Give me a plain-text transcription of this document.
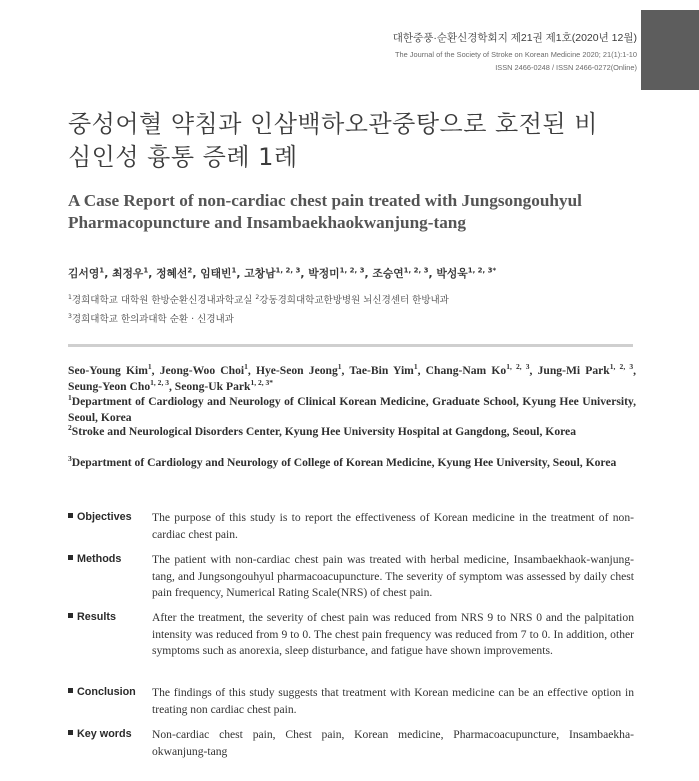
대한중풍·순환신경학회지 제21권 제1호(2020년 12월)
The Journal of the Society of Stroke on Korean Medicine 2020; 21(1):1-10
ISSN 2466-0248 / ISSN 2466-0272(Online)
중성어혈 약침과 인삼백하오관중탕으로 호전된 비
심인성 흉통 증례 1례
A Case Report of non-cardiac chest pain treated with Jungsongouhyul
Pharmacopuncture and Insambaekhaokwanjung-tang
김서영$^1$, 최정우$^1$, 정혜선$^2$, 임태빈$^1$, 고창남$^{1, 2, 3}$, 박정미$^{1, 2, 3}$, 조승연$^{1, 2, 3}$, 박성욱$^{1, 2, 3*}$
$^1$경희대학교 대학원 한방순환신경내과학교실 $^2$강동경희대학교한방병원 뇌신경센터 한방내과
$^3$경희대학교 한의과대학 순환 · 신경내과
Seo-Young Kim$^1$, Jeong-Woo Choi$^1$, Hye-Seon Jeong$^1$, Tae-Bin Yim$^1$, Chang-Nam Ko$^{1, 2, 3}$, Jung-Mi Park$^{1, 2, 3}$, Seung-Yeon Cho$^{1, 2, 3}$, Seong-Uk Park$^{1, 2, 3*}$
$^1$Department of Cardiology and Neurology of Clinical Korean Medicine, Graduate School, Kyung Hee University, Seoul, Korea
$^2$Stroke and Neurological Disorders Center, Kyung Hee University Hospital at Gangdong, Seoul, Korea
$^3$Department of Cardiology and Neurology of College of Korean Medicine, Kyung Hee University, Seoul, Korea
Objectives	The purpose of this study is to report the effectiveness of Korean medicine in the treatment of non-cardiac chest pain.
Methods	The patient with non-cardiac chest pain was treated with herbal medicine, Insambaekhaok-wanjung-tang, and Jungsongouhyul pharmacoacupuncture. The severity of symptom was assessed by daily chest pain frequency, Numerical Rating Scale(NRS) of chest pain.
Results	After the treatment, the severity of chest pain was reduced from NRS 9 to NRS 0 and the palpitation intensity was reduced from 9 to 0. The chest pain frequency was reduced from 7 to 0. In addition, other symptoms such as anorexia, sleep disturbance, and fatigue have shown improvements.
Conclusion	The findings of this study suggests that treatment with Korean medicine can be an effective option in treating non cardiac chest pain.
Key words	Non-cardiac chest pain, Chest pain, Korean medicine, Pharmacoacupuncture, Insambaekha-okwanjung-tang
